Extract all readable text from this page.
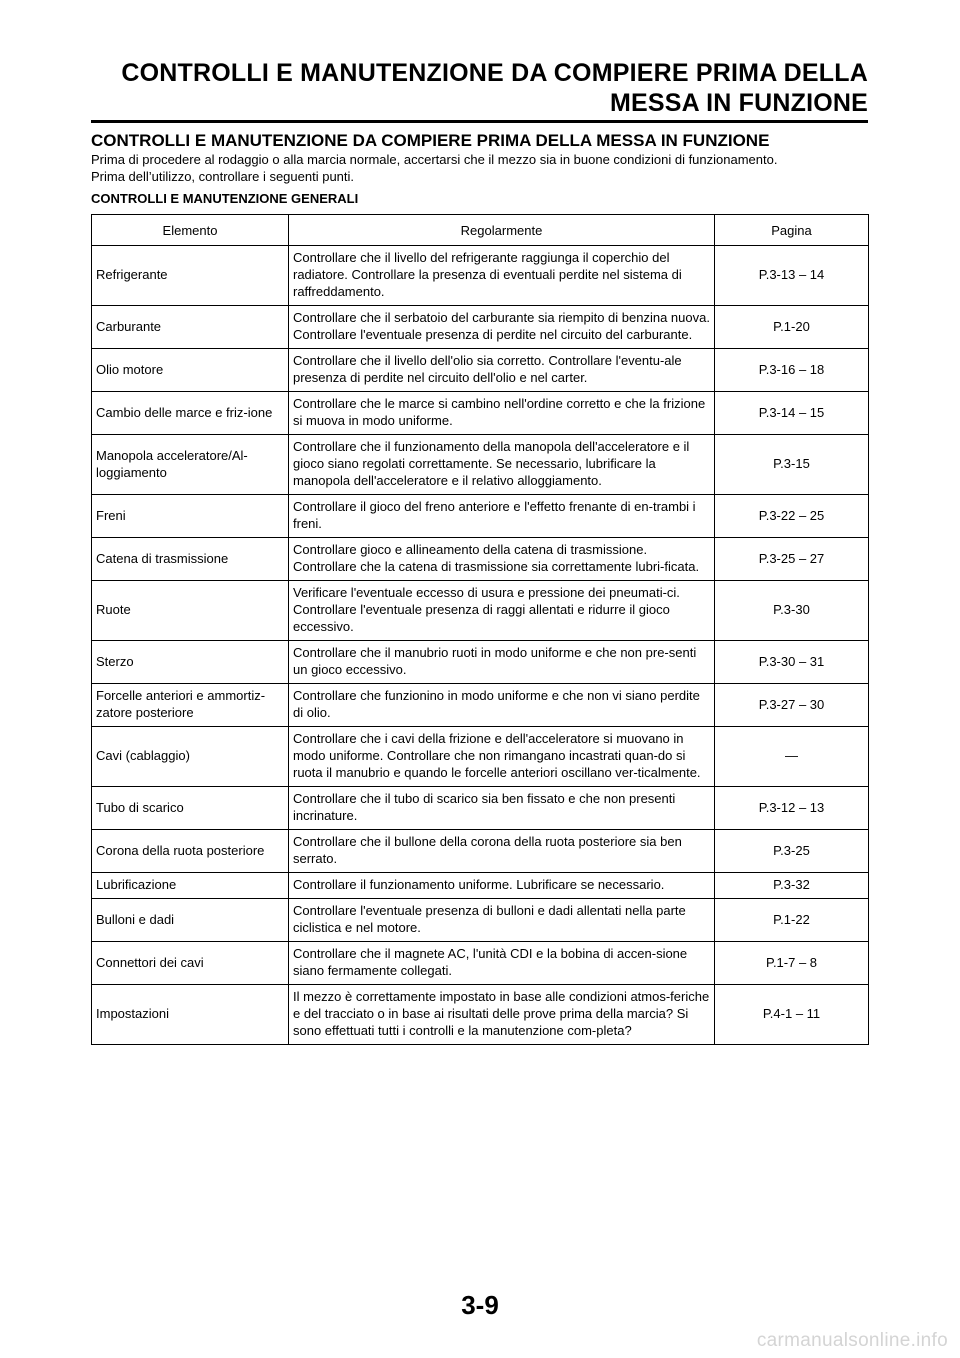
CONTROLLI E MANUTENZIONE DA COMPIERE PRIMA DELLA
MESSA IN FUNZIONE
CONTROLLI E MANUTENZIONE DA COMPIERE PRIMA DELLA MESSA IN FUNZIONE

Prima di procedere al rodaggio o alla marcia normale, accertarsi che il mezzo sia in buone condizioni di funzionamento.

Prima dell’utilizzo, controllare i seguenti punti.

CONTROLLI E MANUTENZIONE GENERALI
Elemento	Regolarmente	Pagina
Refrigerante	Controllare che il livello del refrigerante raggiunga il coperchio del radiatore. Controllare la presenza di eventuali perdite nel sistema di raffreddamento.	P.3-13 – 14
Carburante	Controllare che il serbatoio del carburante sia riempito di benzina nuova. Controllare l'eventuale presenza di perdite nel circuito del carburante.	P.1-20
Olio motore	Controllare che il livello dell'olio sia corretto. Controllare l'eventu-ale presenza di perdite nel circuito dell'olio e nel carter.	P.3-16 – 18
Cambio delle marce e friz-ione	Controllare che le marce si cambino nell'ordine corretto e che la frizione si muova in modo uniforme.	P.3-14 – 15
Manopola acceleratore/Al-loggiamento	Controllare che il funzionamento della manopola dell'acceleratore e il gioco siano regolati correttamente. Se necessario, lubrificare la manopola dell'acceleratore e il relativo alloggiamento.	P.3-15
Freni	Controllare il gioco del freno anteriore e l'effetto frenante di en-trambi i freni.	P.3-22 – 25
Catena di trasmissione	Controllare gioco e allineamento della catena di trasmissione. Controllare che la catena di trasmissione sia correttamente lubri-ficata.	P.3-25 – 27
Ruote	Verificare l'eventuale eccesso di usura e pressione dei pneumati-ci. Controllare l'eventuale presenza di raggi allentati e ridurre il gioco eccessivo.	P.3-30
Sterzo	Controllare che il manubrio ruoti in modo uniforme e che non pre-senti un gioco eccessivo.	P.3-30 – 31
Forcelle anteriori e ammortiz-zatore posteriore	Controllare che funzionino in modo uniforme e che non vi siano perdite di olio.	P.3-27 – 30
Cavi (cablaggio)	Controllare che i cavi della frizione e dell'acceleratore si muovano in modo uniforme. Controllare che non rimangano incastrati quan-do si ruota il manubrio e quando le forcelle anteriori oscillano ver-ticalmente.	—
Tubo di scarico	Controllare che il tubo di scarico sia ben fissato e che non presenti incrinature.	P.3-12 – 13
Corona della ruota posteriore	Controllare che il bullone della corona della ruota posteriore sia ben serrato.	P.3-25
Lubrificazione	Controllare il funzionamento uniforme. Lubrificare se necessario.	P.3-32
Bulloni e dadi	Controllare l'eventuale presenza di bulloni e dadi allentati nella parte ciclistica e nel motore.	P.1-22
Connettori dei cavi	Controllare che il magnete AC, l'unità CDI e la bobina di accen-sione siano fermamente collegati.	P.1-7 – 8
Impostazioni	Il mezzo è correttamente impostato in base alle condizioni atmos-feriche e del tracciato o in base ai risultati delle prove prima della marcia? Si sono effettuati tutti i controlli e la manutenzione com-pleta?	P.4-1 – 11
3-9
carmanualsonline.info
